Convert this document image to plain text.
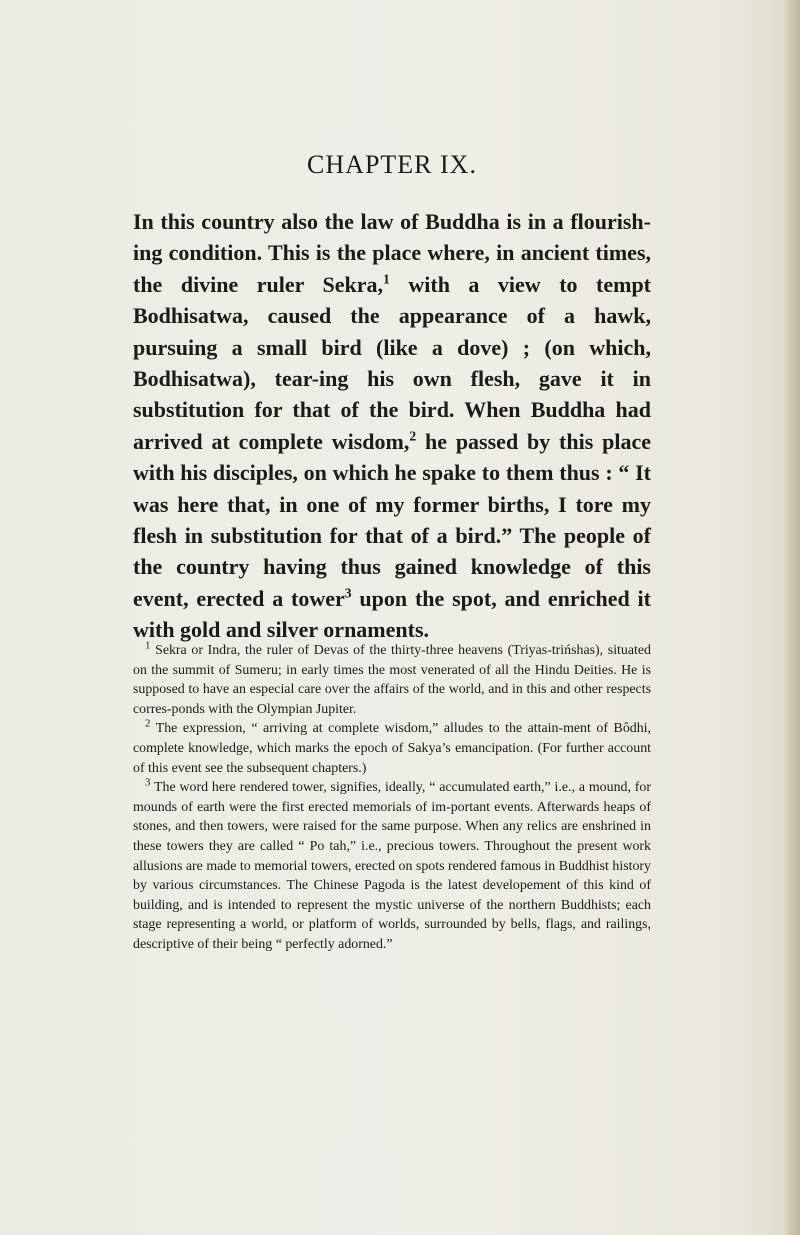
CHAPTER IX.

In this country also the law of Buddha is in a flourish-ing condition. This is the place where, in ancient times, the divine ruler Sekra,$^1$ with a view to tempt Bodhisatwa, caused the appearance of a hawk, pursuing a small bird (like a dove) ; (on which, Bodhisatwa), tear-ing his own flesh, gave it in substitution for that of the bird. When Buddha had arrived at complete wisdom,$^2$ he passed by this place with his disciples, on which he spake to them thus : “ It was here that, in one of my former births, I tore my flesh in substitution for that of a bird.” The people of the country having thus gained knowledge of this event, erected a tower$^3$ upon the spot, and enriched it with gold and silver ornaments.

$^1$ Sekra or Indra, the ruler of Devas of the thirty-three heavens (Triyas-trińshas), situated on the summit of Sumeru; in early times the most venerated of all the Hindu Deities. He is supposed to have an especial care over the affairs of the world, and in this and other respects corres-ponds with the Olympian Jupiter.

$^2$ The expression, “ arriving at complete wisdom,” alludes to the attain-ment of Bôdhi, complete knowledge, which marks the epoch of Sakya’s emancipation. (For further account of this event see the subsequent chapters.)

$^3$ The word here rendered tower, signifies, ideally, “ accumulated earth,” i.e., a mound, for mounds of earth were the first erected memorials of im-portant events. Afterwards heaps of stones, and then towers, were raised for the same purpose. When any relics are enshrined in these towers they are called “ Po tah,” i.e., precious towers. Throughout the present work allusions are made to memorial towers, erected on spots rendered famous in Buddhist history by various circumstances. The Chinese Pagoda is the latest developement of this kind of building, and is intended to represent the mystic universe of the northern Buddhists; each stage representing a world, or platform of worlds, surrounded by bells, flags, and railings, descriptive of their being “ perfectly adorned.”
